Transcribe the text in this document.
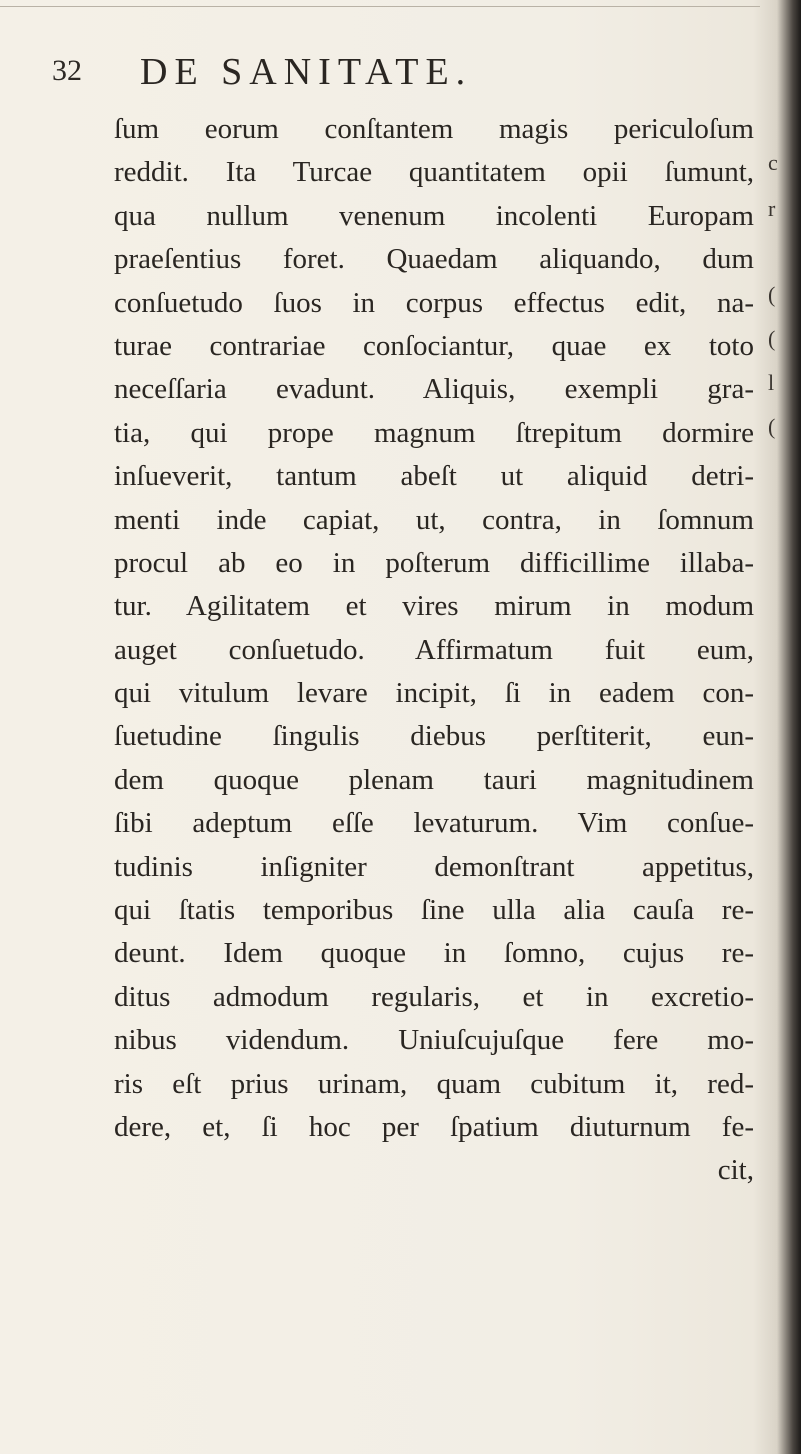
32 DE SANITATE.
ſum eorum conſtantem magis periculoſum
reddit. Ita Turcae quantitatem opii ſumunt,
qua nullum venenum incolenti Europam
praeſentius foret. Quaedam aliquando, dum
conſuetudo ſuos in corpus effectus edit, na-
turae contrariae conſociantur, quae ex toto
neceſſaria evadunt. Aliquis, exempli gra-
tia, qui prope magnum ſtrepitum dormire
inſueverit, tantum abeſt ut aliquid detri-
menti inde capiat, ut, contra, in ſomnum
procul ab eo in poſterum difficillime illaba-
tur. Agilitatem et vires mirum in modum
auget conſuetudo. Affirmatum fuit eum,
qui vitulum levare incipit, ſi in eadem con-
ſuetudine ſingulis diebus perſtiterit, eun-
dem quoque plenam tauri magnitudinem
ſibi adeptum eſſe levaturum. Vim conſue-
tudinis inſigniter demonſtrant appetitus,
qui ſtatis temporibus ſine ulla alia cauſa re-
deunt. Idem quoque in ſomno, cujus re-
ditus admodum regularis, et in excretio-
nibus videndum. Uniuſcujuſque fere mo-
ris eſt prius urinam, quam cubitum it, red-
dere, et, ſi hoc per ſpatium diuturnum fe-
cit,
c
r
(
(
l
(
